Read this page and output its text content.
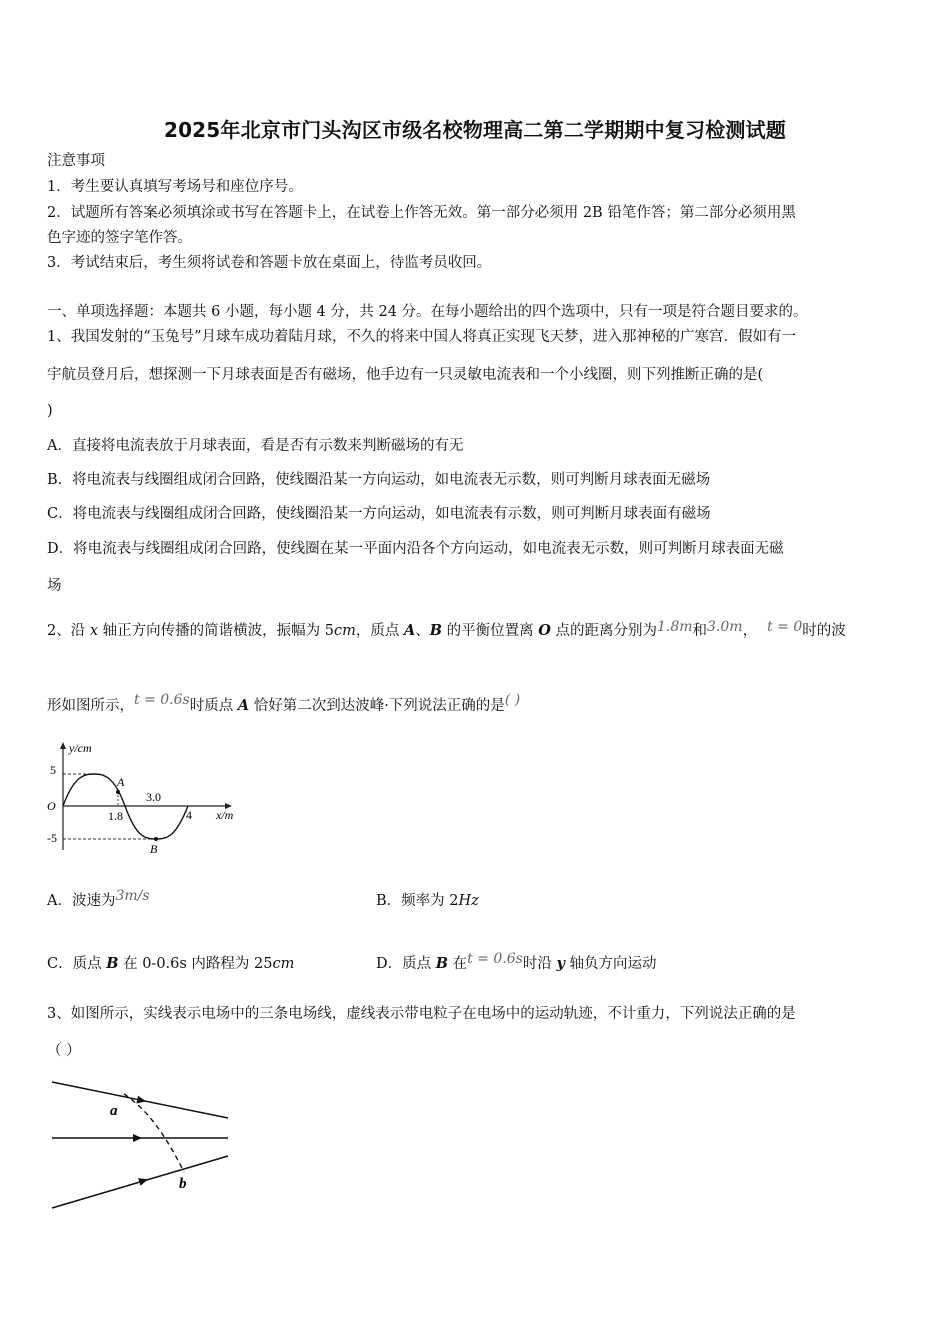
2025年北京市门头沟区市级名校物理高二第二学期期中复习检测试题
注意事项
1．考生要认真填写考场号和座位序号。
2．试题所有答案必须填涂或书写在答题卡上，在试卷上作答无效。第一部分必须用 2B 铅笔作答；第二部分必须用黑
色字迹的签字笔作答。
3．考试结束后，考生须将试卷和答题卡放在桌面上，待监考员收回。
一、单项选择题：本题共 6 小题，每小题 4 分，共 24 分。在每小题给出的四个选项中，只有一项是符合题目要求的。
1、我国发射的“玉兔号”月球车成功着陆月球，不久的将来中国人将真正实现飞天梦，进入那神秘的广寒宫．假如有一
宇航员登月后，想探测一下月球表面是否有磁场，他手边有一只灵敏电流表和一个小线圈，则下列推断正确的是(
)
A．直接将电流表放于月球表面，看是否有示数来判断磁场的有无
B．将电流表与线圈组成闭合回路，使线圈沿某一方向运动，如电流表无示数，则可判断月球表面无磁场
C．将电流表与线圈组成闭合回路，使线圈沿某一方向运动，如电流表有示数，则可判断月球表面有磁场
D．将电流表与线圈组成闭合回路，使线圈在某一平面内沿各个方向运动，如电流表无示数，则可判断月球表面无磁
场
2、沿 x 轴正方向传播的简谐横波，振幅为 5cm，质点 A、B 的平衡位置离 O 点的距离分别为1.8m和3.0m， t = 0时的波
形如图所示，t = 0.6s时质点 A 恰好第二次到达波峰·下列说法正确的是( )
y/cm
x/m
5
O
-5
1.8
3.0
4
A
B
A．波速为3m/s	B．频率为 2Hz
C．质点 B 在 0-0.6s 内路程为 25cm	D．质点 B 在t = 0.6s时沿 y 轴负方向运动
3、如图所示，实线表示电场中的三条电场线，虚线表示带电粒子在电场中的运动轨迹，不计重力，下列说法正确的是
（ ）
a
b
